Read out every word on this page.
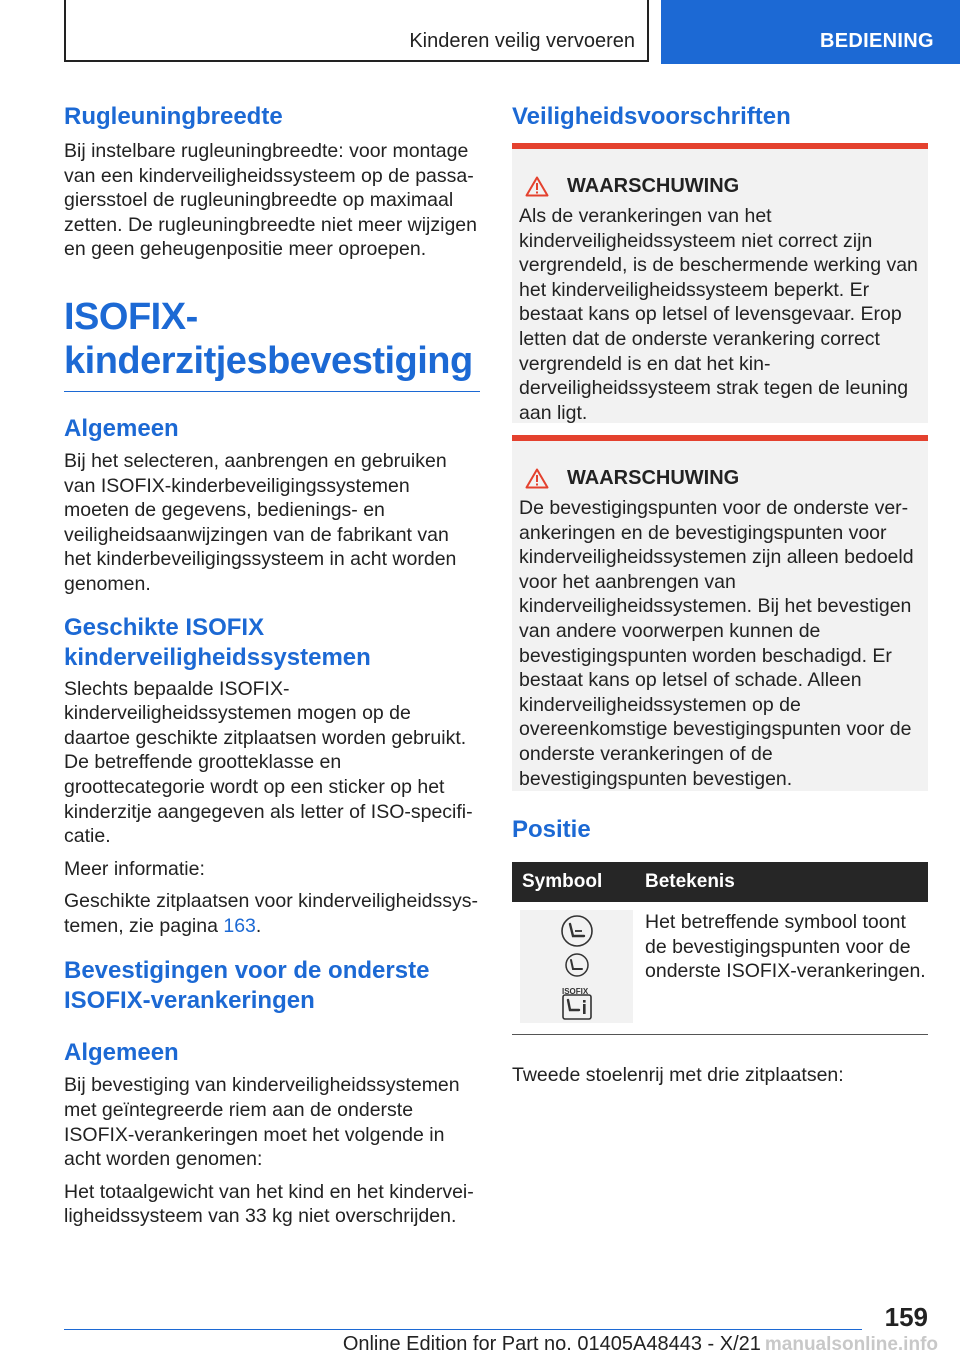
Kinderen veilig vervoeren	BEDIENING
Rugleuningbreedte

Bij instelbare rugleuningbreedte: voor montage van een kinderveiligheidssysteem op de passagiersstoel de rugleuningbreedte op maximaal zetten. De rugleuningbreedte niet meer wijzigen en geen geheugenpositie meer oproepen.

ISOFIX-
kinderzitjesbevestiging
Algemeen

Bij het selecteren, aanbrengen en gebruiken van ISOFIX-kinderbeveiligingssystemen moeten de gegevens, bedienings- en veiligheidsaanwijzingen van de fabrikant van het kinderbeveiligingssysteem in acht worden genomen.

Geschikte ISOFIX
kinderveiligheidssystemen

Slechts bepaalde ISOFIX-kinderveiligheidssystemen mogen op de daartoe geschikte zitplaatsen worden gebruikt. De betreffende grootteklasse en groottecategorie wordt op een sticker op het kinderzitje aangegeven als letter of ISO-specificatie.

Meer informatie:

Geschikte zitplaatsen voor kinderveiligheidssystemen, zie pagina 163.

Bevestigingen voor de onderste
ISOFIX-verankeringen
Algemeen

Bij bevestiging van kinderveiligheidssystemen met geïntegreerde riem aan de onderste ISOFIX-verankeringen moet het volgende in acht worden genomen:

Het totaalgewicht van het kind en het kinderveiligheidssysteem van 33 kg niet overschrijden.

Veiligheidsvoorschriften
WAARSCHUWING

Als de verankeringen van het kinderveiligheidssysteem niet correct zijn vergrendeld, is de beschermende werking van het kinderveiligheidssysteem beperkt. Er bestaat kans op letsel of levensgevaar. Erop letten dat de onderste verankering correct vergrendeld is en dat het kinderveiligheidssysteem strak tegen de leuning aan ligt.

WAARSCHUWING

De bevestigingspunten voor de onderste verankeringen en de bevestigingspunten voor kinderveiligheidssystemen zijn alleen bedoeld voor het aanbrengen van kinderveiligheidssystemen. Bij het bevestigen van andere voorwerpen kunnen de bevestigingspunten worden beschadigd. Er bestaat kans op letsel of schade. Alleen kinderveiligheidssystemen op de overeenkomstige bevestigingspunten voor de onderste verankeringen of de bevestigingspunten bevestigen.

Positie
Symbool	Betekenis

ISOFIX	Het betreffende symbool toont de bevestigingspunten voor de onderste ISOFIX-verankeringen.

Tweede stoelenrij met drie zitplaatsen:

159
Online Edition for Part no. 01405A48443 - X/21 manualsonline.info
